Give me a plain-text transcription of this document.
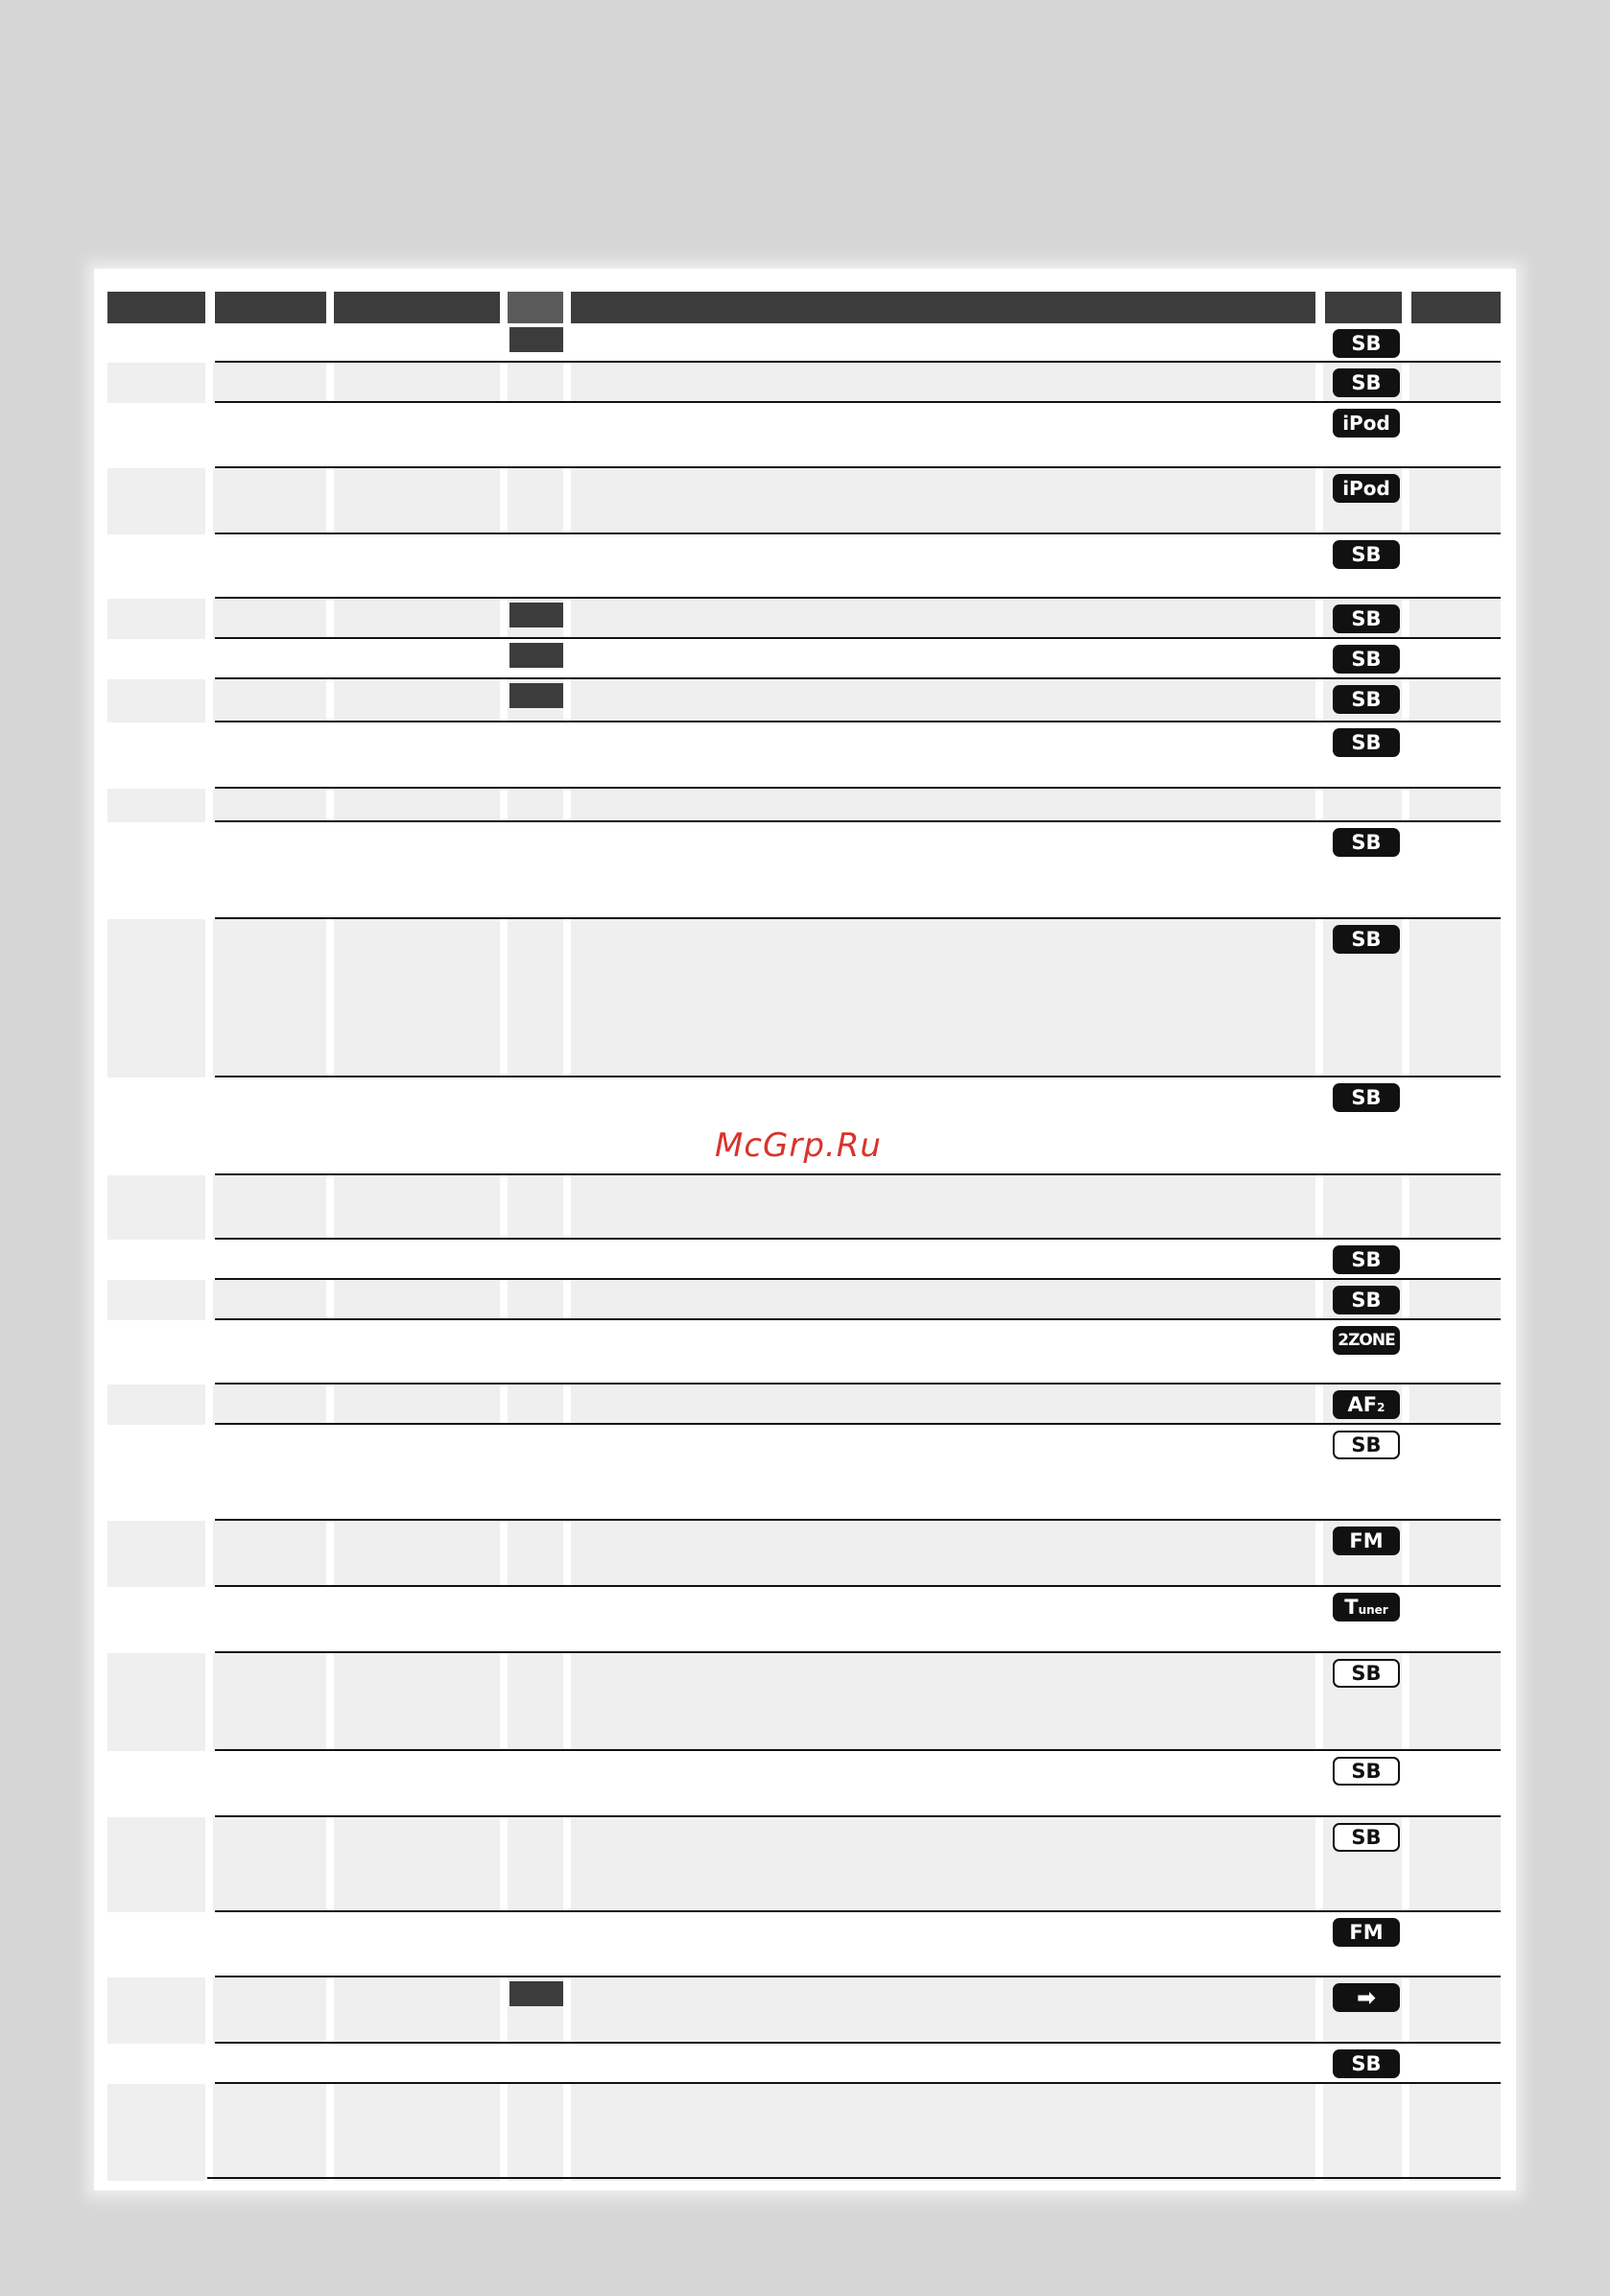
SB
SB
iPod
iPod
SB
SB
SB
SB
SB
SB
SB
SB
SB
SB
2ZONE
AF2
SB
FM
Tuner
SB
SB
SB
FM
➡
SB
McGrp.Ru
